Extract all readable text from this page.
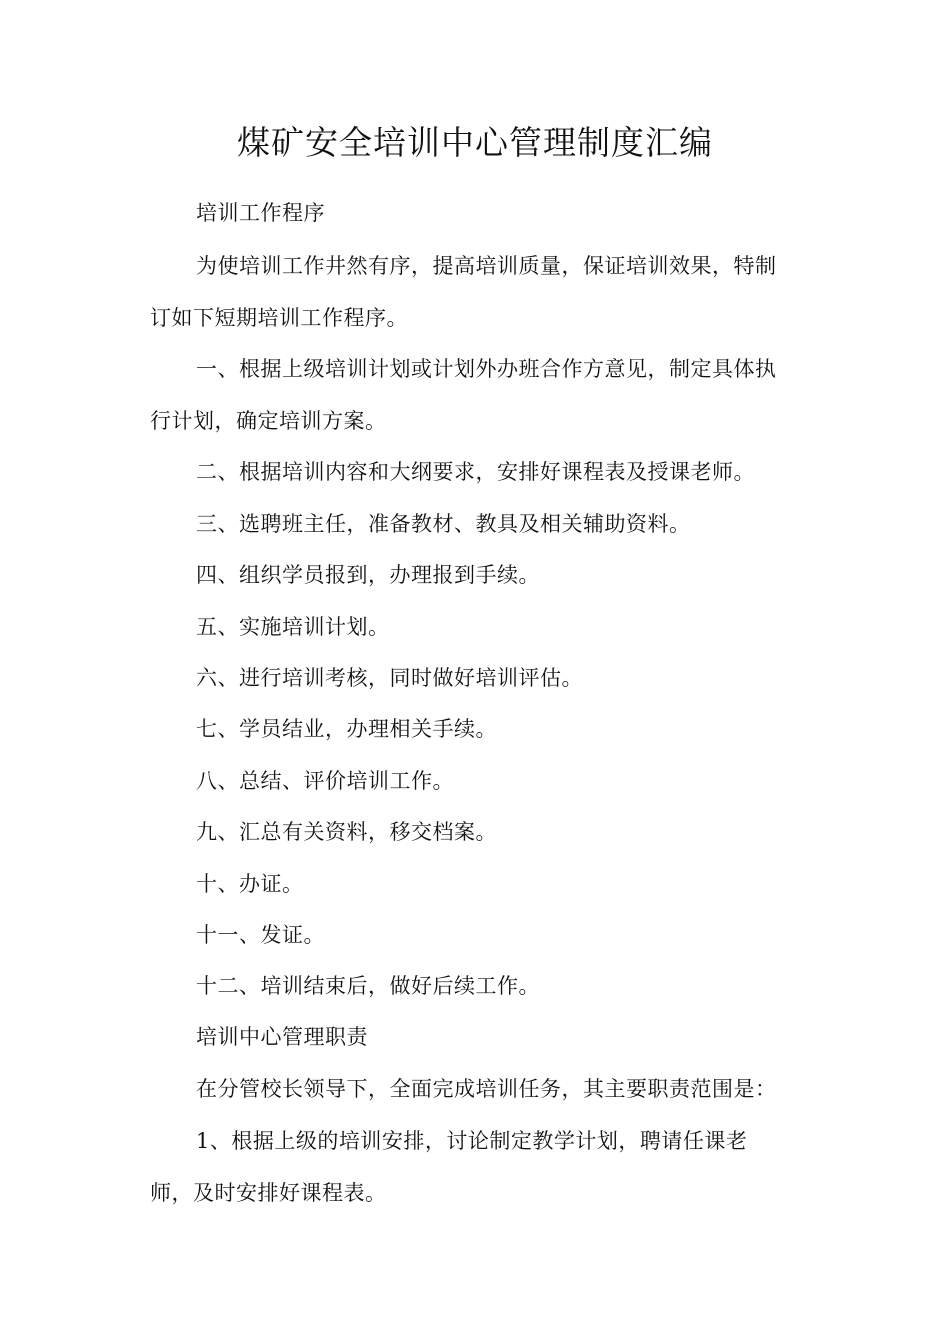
煤矿安全培训中心管理制度汇编
培训工作程序
为使培训工作井然有序，提高培训质量，保证培训效果，特制
订如下短期培训工作程序。
一、根据上级培训计划或计划外办班合作方意见，制定具体执
行计划，确定培训方案。
二、根据培训内容和大纲要求，安排好课程表及授课老师。
三、选聘班主任，准备教材、教具及相关辅助资料。
四、组织学员报到，办理报到手续。
五、实施培训计划。
六、进行培训考核，同时做好培训评估。
七、学员结业，办理相关手续。
八、总结、评价培训工作。
九、汇总有关资料，移交档案。
十、办证。
十一、发证。
十二、培训结束后，做好后续工作。
培训中心管理职责
在分管校长领导下，全面完成培训任务，其主要职责范围是：
1、根据上级的培训安排，讨论制定教学计划，聘请任课老
师，及时安排好课程表。
